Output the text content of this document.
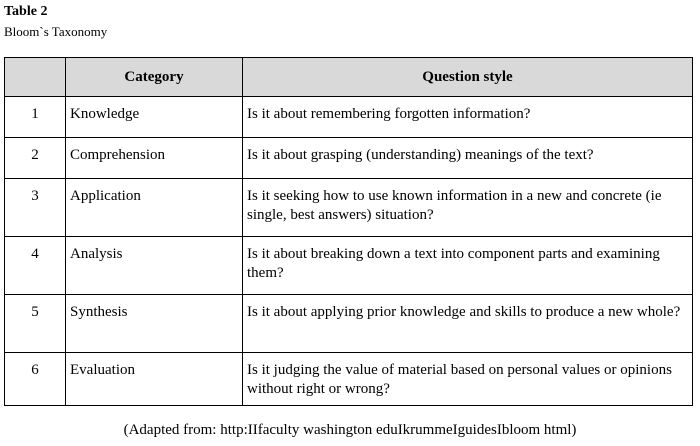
Table 2
Bloom`s Taxonomy
	Category	Question style
1	Knowledge	Is it about remembering forgotten information?
2	Comprehension	Is it about grasping (understanding) meanings of the text?
3	Application	Is it seeking how to use known information in a new and concrete (ie single, best answers) situation?
4	Analysis	Is it about breaking down a text into component parts and examining them?
5	Synthesis	Is it about applying prior knowledge and skills to produce a new whole?
6	Evaluation	Is it judging the value of material based on personal values or opinions without right or wrong?
(Adapted from: http:IIfaculty washington eduIkrummeIguidesIbloom html)
